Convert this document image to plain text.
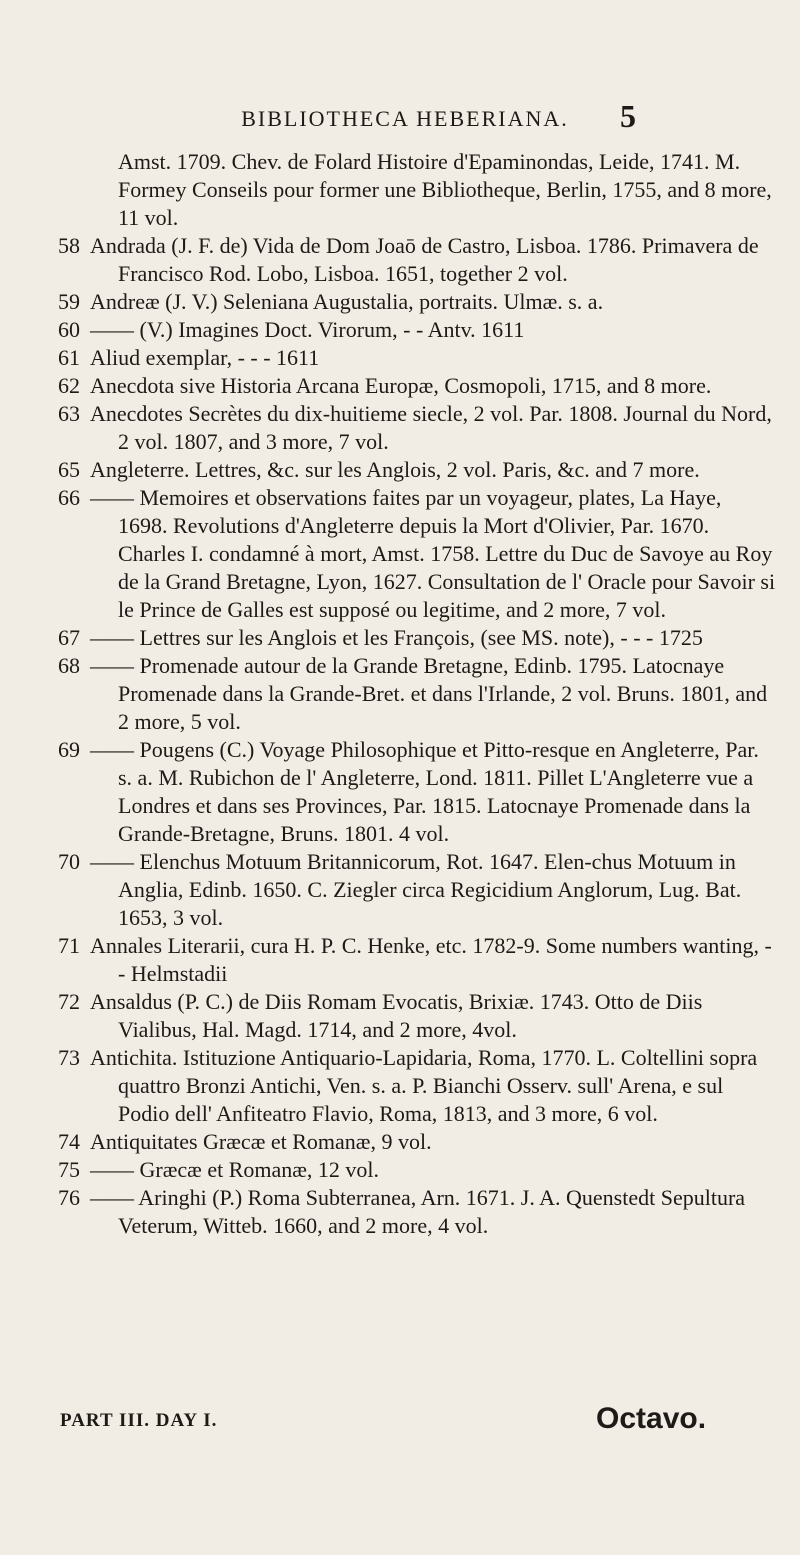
BIBLIOTHECA HEBERIANA.	5
Amst. 1709. Chev. de Folard Histoire d'Epaminondas, Leide, 1741. M. Formey Conseils pour former une Bibliotheque, Berlin, 1755, and 8 more, 11 vol.
58 Andrada (J. F. de) Vida de Dom Joaō de Castro, Lisboa. 1786. Primavera de Francisco Rod. Lobo, Lisboa. 1651, together 2 vol.
59 Andreæ (J. V.) Seleniana Augustalia, portraits. Ulmæ. s. a.
60 —— (V.) Imagines Doct. Virorum, - - Antv. 1611
61 Aliud exemplar, - - - 1611
62 Anecdota sive Historia Arcana Europæ, Cosmopoli, 1715, and 8 more.
63 Anecdotes Secrètes du dix-huitieme siecle, 2 vol. Par. 1808. Journal du Nord, 2 vol. 1807, and 3 more, 7 vol.
65 Angleterre. Lettres, &c. sur les Anglois, 2 vol. Paris, &c. and 7 more.
66 —— Memoires et observations faites par un voyageur, plates, La Haye, 1698. Revolutions d'Angleterre depuis la Mort d'Olivier, Par. 1670. Charles I. condamné à mort, Amst. 1758. Lettre du Duc de Savoye au Roy de la Grand Bretagne, Lyon, 1627. Consultation de l' Oracle pour Savoir si le Prince de Galles est supposé ou legitime, and 2 more, 7 vol.
67 —— Lettres sur les Anglois et les François, (see MS. note), - - - 1725
68 —— Promenade autour de la Grande Bretagne, Edinb. 1795. Latocnaye Promenade dans la Grande-Bret. et dans l'Irlande, 2 vol. Bruns. 1801, and 2 more, 5 vol.
69 —— Pougens (C.) Voyage Philosophique et Pitto-resque en Angleterre, Par. s. a. M. Rubichon de l' Angleterre, Lond. 1811. Pillet L'Angleterre vue a Londres et dans ses Provinces, Par. 1815. Latocnaye Promenade dans la Grande-Bretagne, Bruns. 1801. 4 vol.
70 —— Elenchus Motuum Britannicorum, Rot. 1647. Elen-chus Motuum in Anglia, Edinb. 1650. C. Ziegler circa Regicidium Anglorum, Lug. Bat. 1653, 3 vol.
71 Annales Literarii, cura H. P. C. Henke, etc. 1782-9. Some numbers wanting, - - Helmstadii
72 Ansaldus (P. C.) de Diis Romam Evocatis, Brixiæ. 1743. Otto de Diis Vialibus, Hal. Magd. 1714, and 2 more, 4vol.
73 Antichita. Istituzione Antiquario-Lapidaria, Roma, 1770. L. Coltellini sopra quattro Bronzi Antichi, Ven. s. a. P. Bianchi Osserv. sull' Arena, e sul Podio dell' Anfiteatro Flavio, Roma, 1813, and 3 more, 6 vol.
74 Antiquitates Græcæ et Romanæ, 9 vol.
75 —— Græcæ et Romanæ, 12 vol.
76 —— Aringhi (P.) Roma Subterranea, Arn. 1671. J. A. Quenstedt Sepultura Veterum, Witteb. 1660, and 2 more, 4 vol.
PART III. DAY I.	Octavo.
